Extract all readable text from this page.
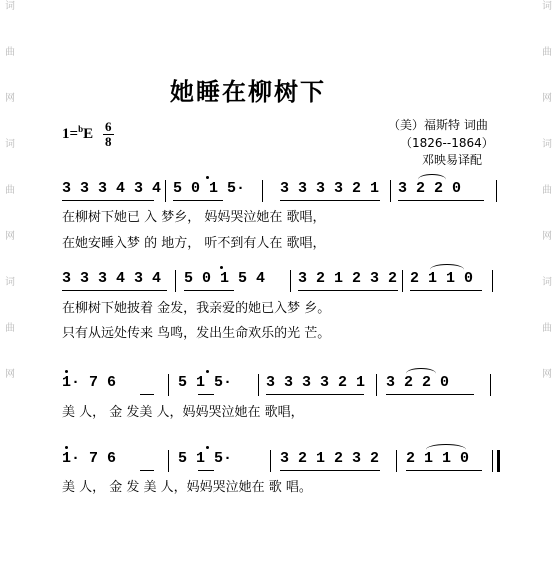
词
曲
网
词
曲
网
词
曲
网
词
曲
网
词
曲
网
词
曲
网
她睡在柳树下
1=$^b$E 6
8
（美）福斯特 词曲
（1826--1864）
邓映易译配
3 3 3 4 3 4 5 0 1 5· 3 3 3 3 2 1 3 2 2 0
在柳树下她已 入 梦乡， 妈妈哭泣她在 歌唱，
在她安睡入梦 的 地方， 听不到有人在 歌唱，
3 3 3 4 3 4 5 0 1 5 4 3 2 1 2 3 2 2 1 1 0
在柳树下她披着 金发，我亲爱的她已入梦 乡。
只有从远处传来 鸟鸣，发出生命欢乐的光 芒。
1· 7 6	5 1 5· 3 3 3 3 2 1 3 2 2 0
美 人， 金 发美 人，妈妈哭泣她在 歌唱，
1· 7 6	5 1 5·	3 2 1 2 3 2 2 1 1 0
美 人， 金 发 美 人，妈妈哭泣她在 歌 唱。
